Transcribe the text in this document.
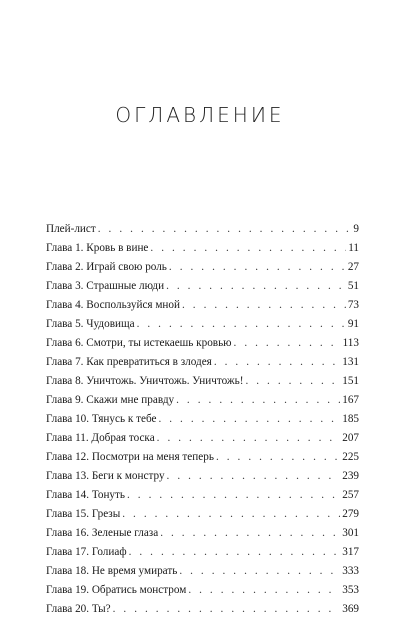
ОГЛАВЛЕНИЕ
Плей-лист . . .	9
Глава 1. Кровь в вине . . .	11
Глава 2. Играй свою роль . . .	27
Глава 3. Страшные люди . . .	51
Глава 4. Воспользуйся мной . . .	73
Глава 5. Чудовища . . .	91
Глава 6. Смотри, ты истекаешь кровью . . .	113
Глава 7. Как превратиться в злодея . . .	131
Глава 8. Уничтожь. Уничтожь. Уничтожь! . . .	151
Глава 9. Скажи мне правду . . .	167
Глава 10. Тянусь к тебе . . .	185
Глава 11. Добрая тоска . . .	207
Глава 12. Посмотри на меня теперь . . .	225
Глава 13. Беги к монстру . . .	239
Глава 14. Тонуть . . .	257
Глава 15. Грезы . . .	279
Глава 16. Зеленые глаза . . .	301
Глава 17. Голиаф . . .	317
Глава 18. Не время умирать . . .	333
Глава 19. Обратись монстром . . .	353
Глава 20. Ты? . . .	369
